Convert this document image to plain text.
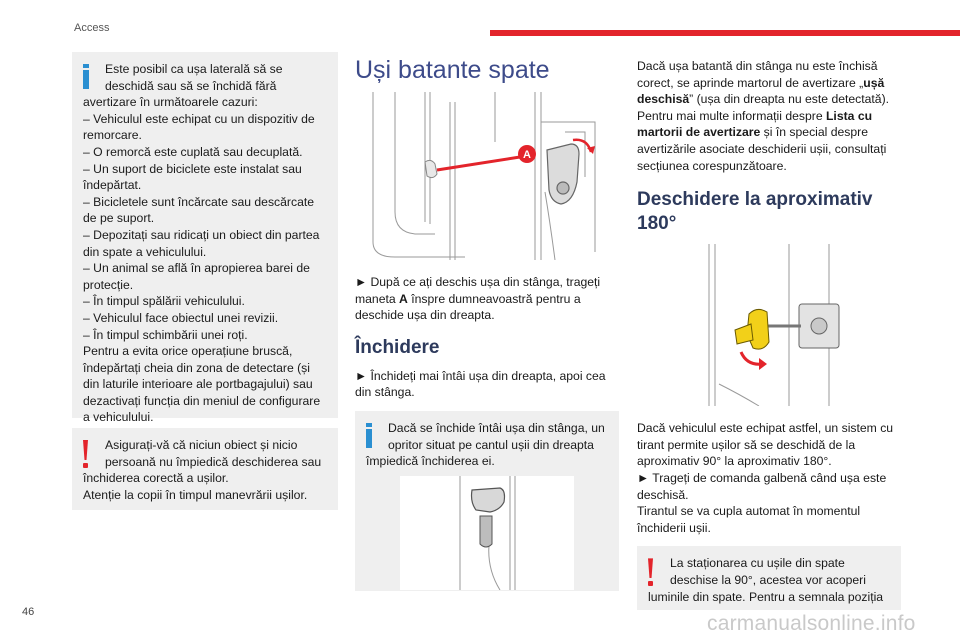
Access
Este posibil ca ușa laterală să se
deschidă sau să se închidă fără
avertizare în următoarele cazuri:
– Vehiculul este echipat cu un dispozitiv de
remorcare.
– O remorcă este cuplată sau decuplată.
– Un suport de biciclete este instalat sau
îndepărtat.
– Bicicletele sunt încărcate sau descărcate
de pe suport.
– Depozitați sau ridicați un obiect din partea
din spate a vehiculului.
– Un animal se află în apropierea barei de
protecție.
– În timpul spălării vehiculului.
– Vehiculul face obiectul unei revizii.
– În timpul schimbării unei roți.
Pentru a evita orice operațiune bruscă,
îndepărtați cheia din zona de detectare (și
din laturile interioare ale portbagajului) sau
dezactivați funcția din meniul de configurare
a vehiculului.
Asigurați-vă că niciun obiect și nicio
persoană nu împiedică deschiderea sau
închiderea corectă a ușilor.
Atenție la copii în timpul manevrării ușilor.
Uși batante spate
A

► După ce ați deschis ușa din stânga, trageți maneta A înspre dumneavoastră pentru a deschide ușa din dreapta.

Închidere

► Închideți mai întâi ușa din dreapta, apoi cea din stânga.

Dacă se închide întâi ușa din stânga, un
opritor situat pe cantul ușii din dreapta
împiedică închiderea ei.

Dacă ușa batantă din stânga nu este închisă corect, se aprinde martorul de avertizare „ușă deschisă” (ușa din dreapta nu este detectată). Pentru mai multe informații despre Lista cu martorii de avertizare și în special despre avertizările asociate deschiderii ușii, consultați secțiunea corespunzătoare.

Deschidere la aproximativ 180°

Dacă vehiculul este echipat astfel, un sistem cu tirant permite ușilor să se deschidă de la aproximativ 90° la aproximativ 180°.

► Trageți de comanda galbenă când ușa este deschisă.

Tirantul se va cupla automat în momentul închiderii ușii.

La staționarea cu ușile din spate
deschise la 90°, acestea vor acoperi
luminile din spate. Pentru a semnala poziția
46	carmanualsonline.info
